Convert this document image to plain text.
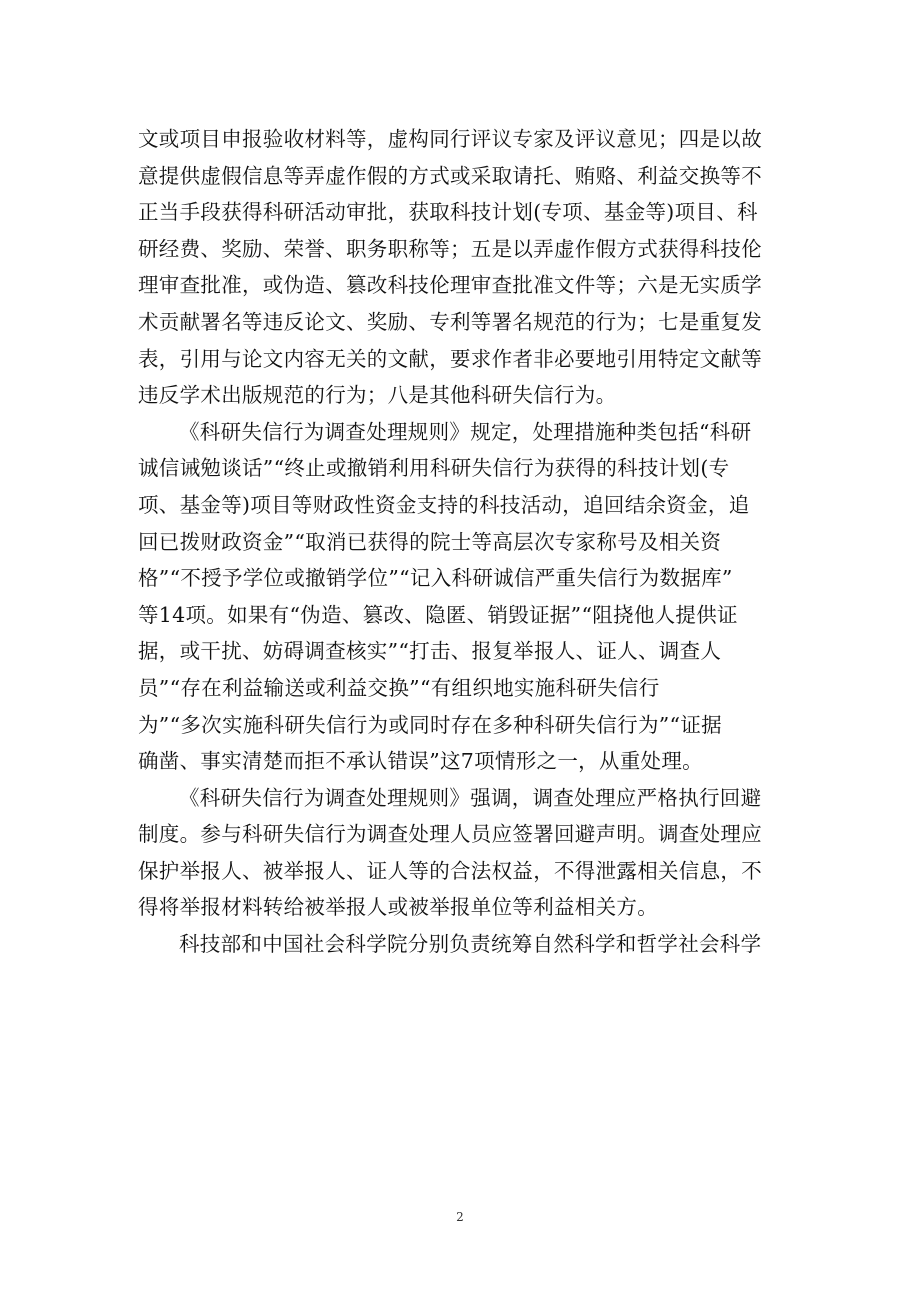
文或项目申报验收材料等，虚构同行评议专家及评议意见；四是以故
意提供虚假信息等弄虚作假的方式或采取请托、贿赂、利益交换等不
正当手段获得科研活动审批，获取科技计划(专项、基金等)项目、科
研经费、奖励、荣誉、职务职称等；五是以弄虚作假方式获得科技伦
理审查批准，或伪造、篡改科技伦理审查批准文件等；六是无实质学
术贡献署名等违反论文、奖励、专利等署名规范的行为；七是重复发
表，引用与论文内容无关的文献，要求作者非必要地引用特定文献等
违反学术出版规范的行为；八是其他科研失信行为。
《科研失信行为调查处理规则》规定，处理措施种类包括“科研
诚信诫勉谈话”“终止或撤销利用科研失信行为获得的科技计划(专
项、基金等)项目等财政性资金支持的科技活动，追回结余资金，追
回已拨财政资金”“取消已获得的院士等高层次专家称号及相关资
格”“不授予学位或撤销学位”“记入科研诚信严重失信行为数据库”
等14项。如果有“伪造、篡改、隐匿、销毁证据”“阻挠他人提供证
据，或干扰、妨碍调查核实”“打击、报复举报人、证人、调查人
员”“存在利益输送或利益交换”“有组织地实施科研失信行
为”“多次实施科研失信行为或同时存在多种科研失信行为”“证据
确凿、事实清楚而拒不承认错误”这7项情形之一，从重处理。
《科研失信行为调查处理规则》强调，调查处理应严格执行回避
制度。参与科研失信行为调查处理人员应签署回避声明。调查处理应
保护举报人、被举报人、证人等的合法权益，不得泄露相关信息，不
得将举报材料转给被举报人或被举报单位等利益相关方。
科技部和中国社会科学院分别负责统筹自然科学和哲学社会科学
2
